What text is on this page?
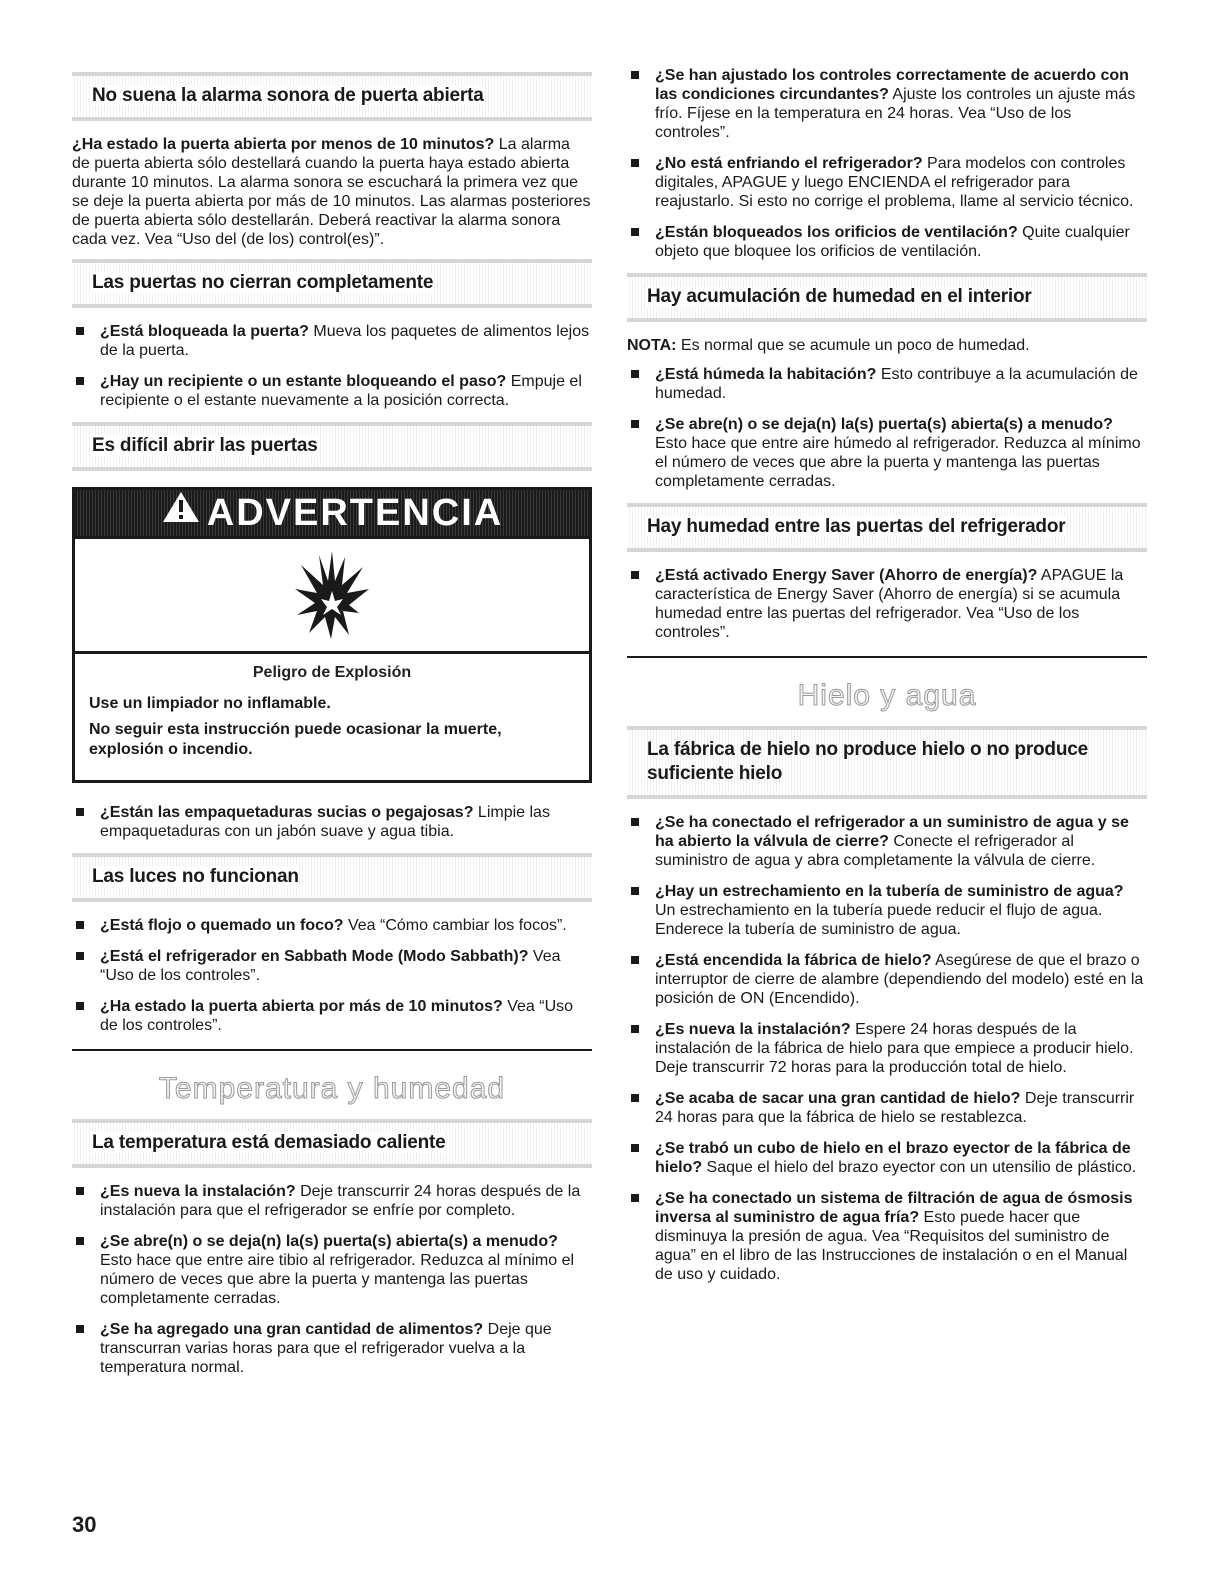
No suena la alarma sonora de puerta abierta

¿Ha estado la puerta abierta por menos de 10 minutos? La alarma de puerta abierta sólo destellará cuando la puerta haya estado abierta durante 10 minutos. La alarma sonora se escuchará la primera vez que se deje la puerta abierta por más de 10 minutos. Las alarmas posteriores de puerta abierta sólo destellarán. Deberá reactivar la alarma sonora cada vez. Vea “Uso del (de los) control(es)”.

Las puertas no cierran completamente
¿Está bloqueada la puerta? Mueva los paquetes de alimentos lejos de la puerta.
¿Hay un recipiente o un estante bloqueando el paso? Empuje el recipiente o el estante nuevamente a la posición correcta.
Es difícil abrir las puertas
ADVERTENCIA

Peligro de Explosión

Use un limpiador no inflamable.

No seguir esta instrucción puede ocasionar la muerte, explosión o incendio.

¿Están las empaquetaduras sucias o pegajosas? Limpie las empaquetaduras con un jabón suave y agua tibia.
Las luces no funcionan
¿Está flojo o quemado un foco? Vea “Cómo cambiar los focos”.
¿Está el refrigerador en Sabbath Mode (Modo Sabbath)? Vea “Uso de los controles”.
¿Ha estado la puerta abierta por más de 10 minutos? Vea “Uso de los controles”.
Temperatura y humedad
La temperatura está demasiado caliente
¿Es nueva la instalación? Deje transcurrir 24 horas después de la instalación para que el refrigerador se enfríe por completo.
¿Se abre(n) o se deja(n) la(s) puerta(s) abierta(s) a menudo? Esto hace que entre aire tibio al refrigerador. Reduzca al mínimo el número de veces que abre la puerta y mantenga las puertas completamente cerradas.
¿Se ha agregado una gran cantidad de alimentos? Deje que transcurran varias horas para que el refrigerador vuelva a la temperatura normal.
¿Se han ajustado los controles correctamente de acuerdo con las condiciones circundantes? Ajuste los controles un ajuste más frío. Fíjese en la temperatura en 24 horas. Vea “Uso de los controles”.
¿No está enfriando el refrigerador? Para modelos con controles digitales, APAGUE y luego ENCIENDA el refrigerador para reajustarlo. Si esto no corrige el problema, llame al servicio técnico.
¿Están bloqueados los orificios de ventilación? Quite cualquier objeto que bloquee los orificios de ventilación.
Hay acumulación de humedad en el interior

NOTA: Es normal que se acumule un poco de humedad.

¿Está húmeda la habitación? Esto contribuye a la acumulación de humedad.
¿Se abre(n) o se deja(n) la(s) puerta(s) abierta(s) a menudo? Esto hace que entre aire húmedo al refrigerador. Reduzca al mínimo el número de veces que abre la puerta y mantenga las puertas completamente cerradas.
Hay humedad entre las puertas del refrigerador
¿Está activado Energy Saver (Ahorro de energía)? APAGUE la característica de Energy Saver (Ahorro de energía) si se acumula humedad entre las puertas del refrigerador. Vea “Uso de los controles”.
Hielo y agua
La fábrica de hielo no produce hielo o no produce
suficiente hielo
¿Se ha conectado el refrigerador a un suministro de agua y se ha abierto la válvula de cierre? Conecte el refrigerador al suministro de agua y abra completamente la válvula de cierre.
¿Hay un estrechamiento en la tubería de suministro de agua? Un estrechamiento en la tubería puede reducir el flujo de agua. Enderece la tubería de suministro de agua.
¿Está encendida la fábrica de hielo? Asegúrese de que el brazo o interruptor de cierre de alambre (dependiendo del modelo) esté en la posición de ON (Encendido).
¿Es nueva la instalación? Espere 24 horas después de la instalación de la fábrica de hielo para que empiece a producir hielo. Deje transcurrir 72 horas para la producción total de hielo.
¿Se acaba de sacar una gran cantidad de hielo? Deje transcurrir 24 horas para que la fábrica de hielo se restablezca.
¿Se trabó un cubo de hielo en el brazo eyector de la fábrica de hielo? Saque el hielo del brazo eyector con un utensilio de plástico.
¿Se ha conectado un sistema de filtración de agua de ósmosis inversa al suministro de agua fría? Esto puede hacer que disminuya la presión de agua. Vea “Requisitos del suministro de agua” en el libro de las Instrucciones de instalación o en el Manual de uso y cuidado.
30
